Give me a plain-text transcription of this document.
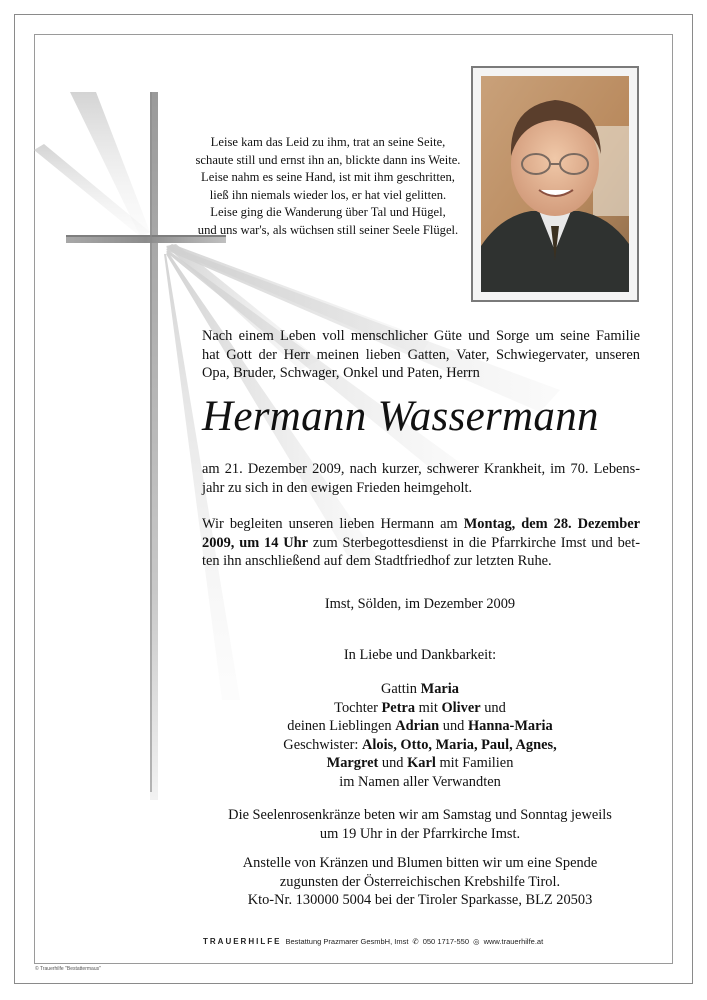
Leise kam das Leid zu ihm, trat an seine Seite,
schaute still und ernst ihn an, blickte dann ins Weite.
Leise nahm es seine Hand, ist mit ihm geschritten,
ließ ihn niemals wieder los, er hat viel gelitten.
Leise ging die Wanderung über Tal und Hügel,
und uns war's, als wüchsen still seiner Seele Flügel.
Nach einem Leben voll menschlicher Güte und Sorge um seine Familie
hat Gott der Herr meinen lieben Gatten, Vater, Schwiegervater, unseren
Opa, Bruder, Schwager, Onkel und Paten, Herrn
Hermann Wassermann

am 21. Dezember 2009, nach kurzer, schwerer Krankheit, im 70. Lebens-

jahr zu sich in den ewigen Frieden heimgeholt.

Wir begleiten unseren lieben Hermann am Montag, dem 28. Dezember

2009, um 14 Uhr zum Sterbegottesdienst in die Pfarrkirche Imst und bet-

ten ihn anschließend auf dem Stadtfriedhof zur letzten Ruhe.

Imst, Sölden, im Dezember 2009
In Liebe und Dankbarkeit:

Gattin Maria

Tochter Petra mit Oliver und

deinen Lieblingen Adrian und Hanna-Maria

Geschwister: Alois, Otto, Maria, Paul, Agnes,

Margret und Karl mit Familien

im Namen aller Verwandten

Die Seelenrosenkränze beten wir am Samstag und Sonntag jeweils

um 19 Uhr in der Pfarrkirche Imst.

Anstelle von Kränzen und Blumen bitten wir um eine Spende

zugunsten der Österreichischen Krebshilfe Tirol.

Kto-Nr. 130000 5004 bei der Tiroler Sparkasse, BLZ 20503

TRAUERHILFE Bestattung Prazmarer GesmbH, Imst ✆ 050 1717-550 ◎ www.trauerhilfe.at
© Trauerhilfe "Bestattermaus"
